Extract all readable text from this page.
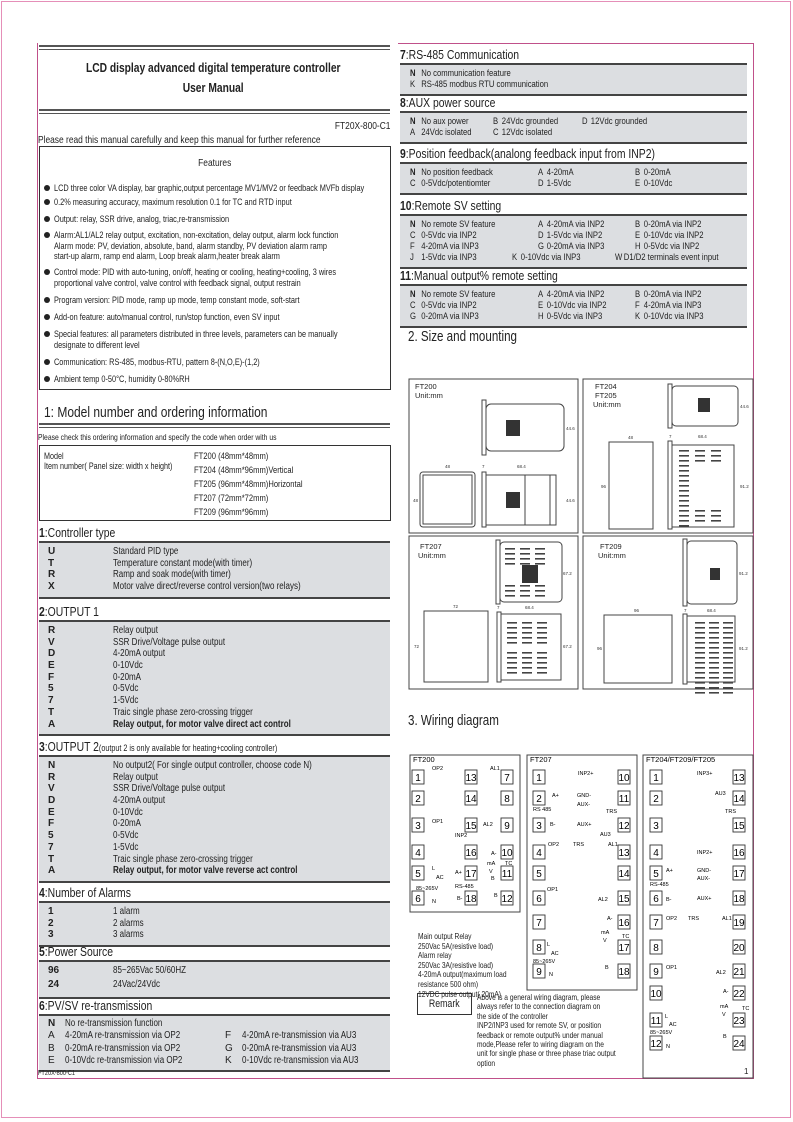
LCD display advanced digital temperature controller
User Manual
FT20X-800-C1
Please read this manual carefully and keep this manual for further reference
Features
LCD three color VA display, bar graphic,output percentage MV1/MV2 or feedback MVFb display
0.2% measuring accuracy, maximum resolution 0.1 for TC and RTD input
Output: relay, SSR drive, analog, triac,re-transmission
Alarm:AL1/AL2 relay output, excitation, non-excitation, delay output, alarm lock function
Alarm mode: PV, deviation, absolute, band, alarm standby, PV deviation alarm ramp
start-up alarm, ramp end alarm, Loop break alarm,heater break alarm
Control mode: PID with auto-tuning, on/off, heating or cooling, heating+cooling, 3 wires
proportional valve control, valve control with feedback signal, output restrain
Program version: PID mode, ramp up mode, temp constant mode, soft-start
Add-on feature: auto/manual control, run/stop function, even SV input
Special features: all parameters distributed in three levels, parameters can be manually
designate to different level
Communication: RS-485, modbus-RTU, pattern 8-(N,O,E)-(1,2)
Ambient temp 0-50°C, humidity 0-80%RH
1: Model number and ordering information
Please check this ordering information and specify the code when order with us
Model
Item number( Panel size: width x height)
FT200 (48mm*48mm)
FT204 (48mm*96mm)Vertical
FT205 (96mm*48mm)Horizontal
FT207 (72mm*72mm)
FT209 (96mm*96mm)
1:Controller type
U	Standard PID type
T	Temperature constant mode(with timer)
R	Ramp and soak mode(with timer)
X	Motor valve direct/reverse control version(two relays)
2:OUTPUT 1
R	Relay output
V	SSR Drive/Voltage pulse output
D	4-20mA output
E	0-10Vdc
F	0-20mA
5	0-5Vdc
7	1-5Vdc
T	Traic single phase zero-crossing trigger
A	Relay output, for motor valve direct act control
3:OUTPUT 2(output 2 is only available for heating+cooling controller)
N	No output2( For single output controller, choose code N)
R	Relay output
V	SSR Drive/Voltage pulse output
D	4-20mA output
E	0-10Vdc
F	0-20mA
5	0-5Vdc
7	1-5Vdc
T	Traic single phase zero-crossing trigger
A	Relay output, for motor valve reverse act control
4:Number of Alarms
1	1 alarm
2	2 alarms
3	3 alarms
5:Power Source
96	85~265Vac 50/60HZ
24	24Vac/24Vdc
6:PV/SV re-transmission
N No re-transmission function
A 4-20mA re-transmission via OP2	F 4-20mA re-transmission via AU3
B 0-20mA re-transmission via OP2	G 0-20mA re-transmission via AU3
E 0-10Vdc re-transmission via OP2	K 0-10Vdc re-transmission via AU3
FT20X-800-C1
7:RS-485 Communication
N No communication feature
K RS-485 modbus RTU communication
8:AUX power source
N No aux power	B 24Vdc grounded	D 12Vdc grounded
A 24Vdc isolated	C 12Vdc isolated
9:Position feedback(analong feedback input from INP2)
N No position feedback	A 4-20mA	B 0-20mA
C 0-5Vdc/potentiomter	D 1-5Vdc	E 0-10Vdc
10:Remote SV setting
N No remote SV feature	A 4-20mA via INP2	B 0-20mA via INP2
C 0-5Vdc via INP2	D 1-5Vdc via INP2	E 0-10Vdc via INP2
F 4-20mA via INP3	G 0-20mA via INP3	H 0-5Vdc via INP2
J 1-5Vdc via INP3	K 0-10Vdc via INP3	W D1/D2 terminals event input
11:Manual output% remote setting
N No remote SV feature	A 4-20mA via INP2	B 0-20mA via INP2
C 0-5Vdc via INP2	E 0-10Vdc via INP2	F 4-20mA via INP3
G 0-20mA via INP3	H 0-5Vdc via INP3	K 0-10Vdc via INP3
2. Size and mounting
48
48
7	68.4
44.6
44.6
48
96
7	68.4
91.2
44.6
72
72
7	68.4
67.2
67.2
96
96
7	68.4
91.2
91.2
FT200
Unit:mm
FT204
FT205
Unit:mm
FT207
Unit:mm
FT209
Unit:mm
3. Wiring diagram
FT200
1
2
3
4
5
6
7
8
9
10
11
12
13
14
15
16
17
18
OP2
OP1
AL1
AL2
INP2
A+
RS-485
B-
L
AC
85~265V
N
A-
TC
B
B
mA
V
FT207
1
2
3
4
5
6
7
8
9
10
11
12
13
14
15
16
17
18
A+
RS 485
B-
INP2+
GND-
AUX-
TRS
AUX+
AU3
OP2	TRS	AL1
AL2
OP1
A-
TC
L
AC
85~265V
N
B
mA
V
FT204/FT209/FT205
1
2
3
4
5
6
7
8
9
10
11
12
13
14
15
16
17
18
19
20
21
22
23
24
INP3+
AU3
TRS
INP2+
A+
RS-485
GND-
AUX-
AUX+
B-
OP2 TRS	AL1
OP1
AL2
A-
TC
L
AC
85~265V
N
B
mA
V
Main output Relay
250Vac 5A(resistive load)
Alarm relay
250Vac 3A(resistive load)
4-20mA output(maximum load
resistance 500 ohm)
12VDC pulse output( 20mA)
Remark
Above is a general wiring diagram, please
always refer to the connection diagram on
the side of the controller
INP2/INP3 used for remote SV, or position
feedback or remote output% under manual
mode,Please refer to wiring diagram on the
unit for single phase or three phase triac output
option
1
